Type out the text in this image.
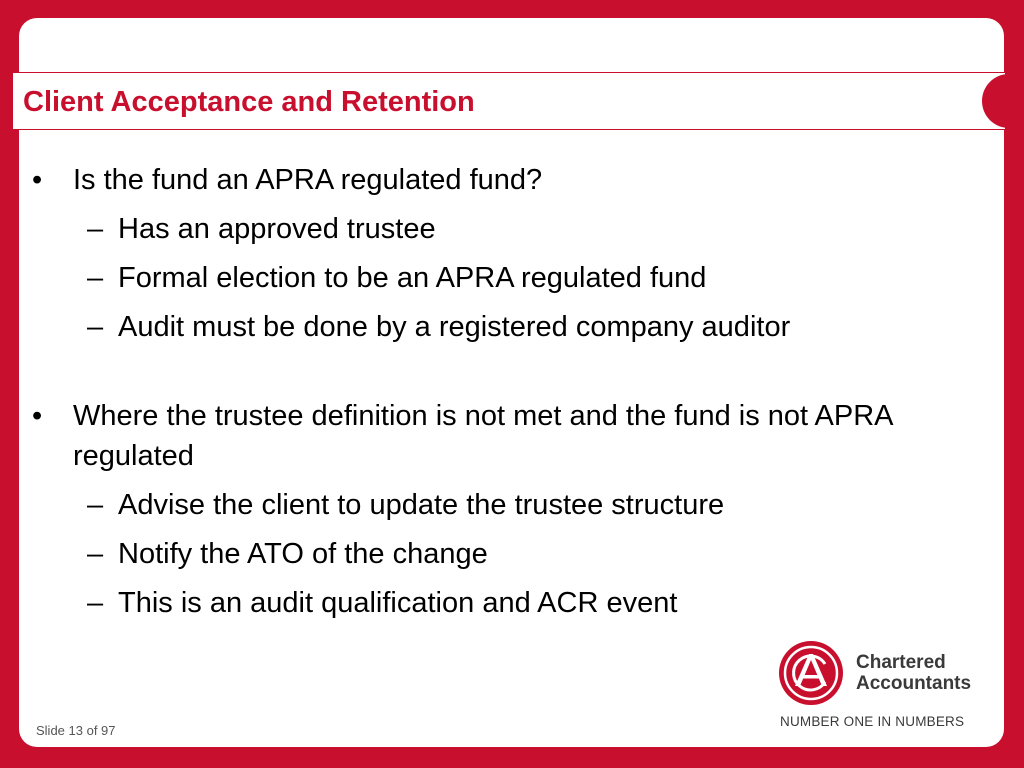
Client Acceptance and Retention

• Is the fund an APRA regulated fund?

– Has an approved trustee

– Formal election to be an APRA regulated fund

– Audit must be done by a registered company auditor

• Where the trustee definition is not met and the fund is not APRA regulated

– Advise the client to update the trustee structure

– Notify the ATO of the change

– This is an audit qualification and ACR event

Chartered
Accountants
NUMBER ONE IN NUMBERS
Slide 13 of 97
